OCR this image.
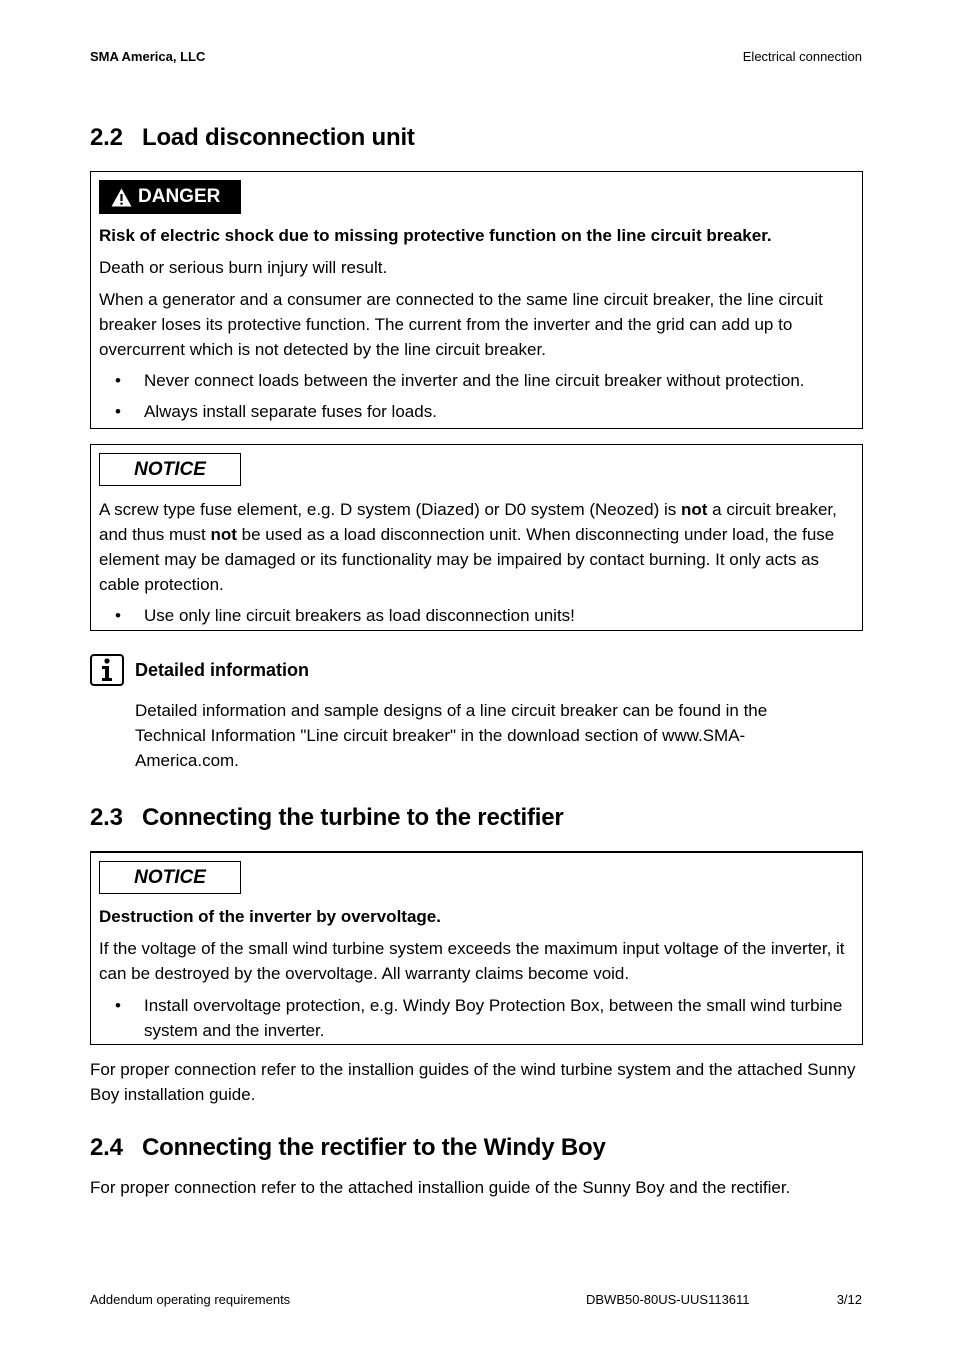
SMA America, LLC	Electrical connection
2.2 Load disconnection unit
DANGER

Risk of electric shock due to missing protective function on the line circuit breaker.

Death or serious burn injury will result.

When a generator and a consumer are connected to the same line circuit breaker, the line circuit breaker loses its protective function. The current from the inverter and the grid can add up to overcurrent which is not detected by the line circuit breaker.

• Never connect loads between the inverter and the line circuit breaker without protection.
• Always install separate fuses for loads.
NOTICE

A screw type fuse element, e.g. D system (Diazed) or D0 system (Neozed) is not a circuit breaker, and thus must not be used as a load disconnection unit. When disconnecting under load, the fuse element may be damaged or its functionality may be impaired by contact burning. It only acts as cable protection.

• Use only line circuit breakers as load disconnection units!
Detailed information
Detailed information and sample designs of a line circuit breaker can be found in the Technical Information "Line circuit breaker" in the download section of www.SMA-America.com.
2.3 Connecting the turbine to the rectifier
NOTICE

Destruction of the inverter by overvoltage.

If the voltage of the small wind turbine system exceeds the maximum input voltage of the inverter, it can be destroyed by the overvoltage. All warranty claims become void.

• Install overvoltage protection, e.g. Windy Boy Protection Box, between the small wind turbine system and the inverter.

For proper connection refer to the installion guides of the wind turbine system and the attached Sunny Boy installation guide.

2.4 Connecting the rectifier to the Windy Boy

For proper connection refer to the attached installion guide of the Sunny Boy and the rectifier.

Addendum operating requirements	DBWB50-80US-UUS113611	3/12
